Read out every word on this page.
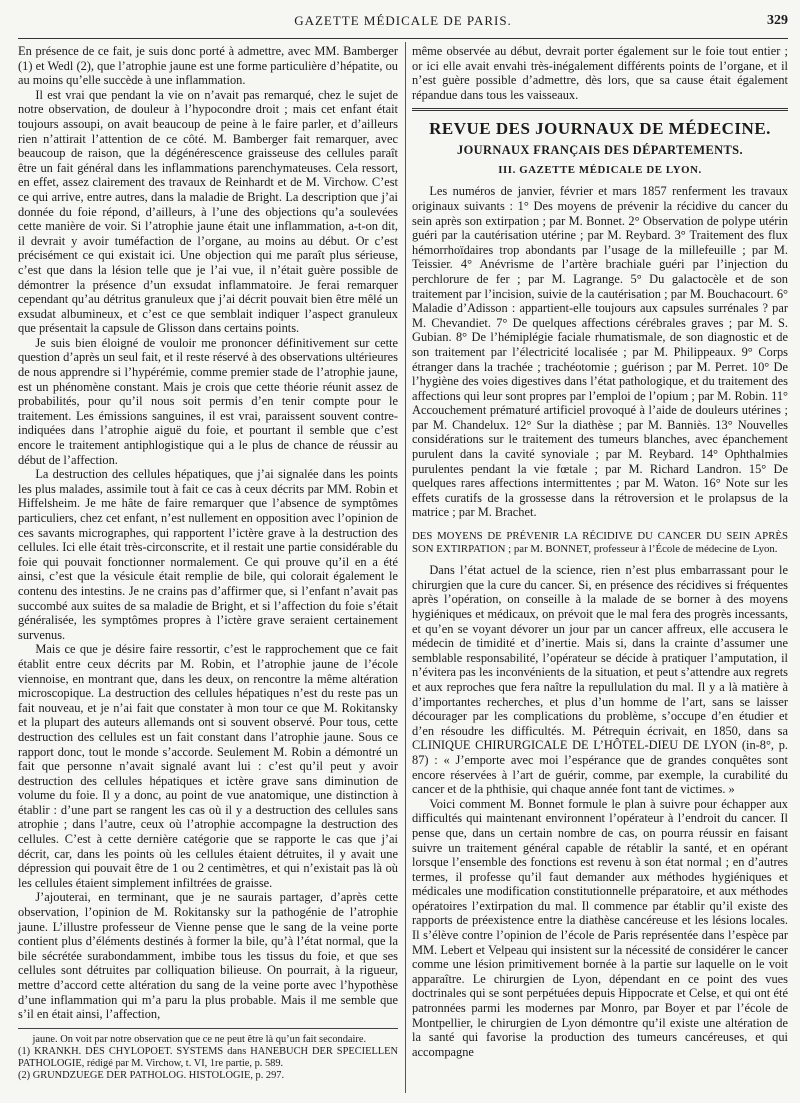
GAZETTE MÉDICALE DE PARIS.	329

En présence de ce fait, je suis donc porté à admettre, avec MM. Bamberger (1) et Wedl (2), que l’atrophie jaune est une forme particulière d’hépatite, ou au moins qu’elle succède à une inflammation.

Il est vrai que pendant la vie on n’avait pas remarqué, chez le sujet de notre observation, de douleur à l’hypocondre droit ; mais cet enfant était toujours assoupi, on avait beaucoup de peine à le faire parler, et d’ailleurs rien n’attirait l’attention de ce côté. M. Bamberger fait remarquer, avec beaucoup de raison, que la dégénérescence graisseuse des cellules paraît être un fait général dans les inflammations parenchymateuses. Cela ressort, en effet, assez clairement des travaux de Reinhardt et de M. Virchow. C’est ce qui arrive, entre autres, dans la maladie de Bright. La description que j’ai donnée du foie répond, d’ailleurs, à l’une des objections qu’a soulevées cette manière de voir. Si l’atrophie jaune était une inflammation, a-t-on dit, il devrait y avoir tuméfaction de l’organe, au moins au début. Or c’est précisément ce qui existait ici. Une objection qui me paraît plus sérieuse, c’est que dans la lésion telle que je l’ai vue, il n’était guère possible de démontrer la présence d’un exsudat inflammatoire. Je ferai remarquer cependant qu’au détritus granuleux que j’ai décrit pouvait bien être mêlé un exsudat albumineux, et c’est ce que semblait indiquer l’aspect granuleux que présentait la capsule de Glisson dans certains points.

Je suis bien éloigné de vouloir me prononcer définitivement sur cette question d’après un seul fait, et il reste réservé à des observations ultérieures de nous apprendre si l’hypérémie, comme premier stade de l’atrophie jaune, est un phénomène constant. Mais je crois que cette théorie réunit assez de probabilités, pour qu’il nous soit permis d’en tenir compte pour le traitement. Les émissions sanguines, il est vrai, paraissent souvent contre-indiquées dans l’atrophie aiguë du foie, et pourtant il semble que c’est encore le traitement antiphlogistique qui a le plus de chance de réussir au début de l’affection.

La destruction des cellules hépatiques, que j’ai signalée dans les points les plus malades, assimile tout à fait ce cas à ceux décrits par MM. Robin et Hiffelsheim. Je me hâte de faire remarquer que l’absence de symptômes particuliers, chez cet enfant, n’est nullement en opposition avec l’opinion de ces savants micrographes, qui rapportent l’ictère grave à la destruction des cellules. Ici elle était très-circonscrite, et il restait une partie considérable du foie qui pouvait fonctionner normalement. Ce qui prouve qu’il en a été ainsi, c’est que la vésicule était remplie de bile, qui colorait également le contenu des intestins. Je ne crains pas d’affirmer que, si l’enfant n’avait pas succombé aux suites de sa maladie de Bright, et si l’affection du foie s’était généralisée, les symptômes propres à l’ictère grave seraient certainement survenus.

Mais ce que je désire faire ressortir, c’est le rapprochement que ce fait établit entre ceux décrits par M. Robin, et l’atrophie jaune de l’école viennoise, en montrant que, dans les deux, on rencontre la même altération microscopique. La destruction des cellules hépatiques n’est du reste pas un fait nouveau, et je n’ai fait que constater à mon tour ce que M. Rokitansky et la plupart des auteurs allemands ont si souvent observé. Pour tous, cette destruction des cellules est un fait constant dans l’atrophie jaune. Sous ce rapport donc, tout le monde s’accorde. Seulement M. Robin a démontré un fait que personne n’avait signalé avant lui : c’est qu’il peut y avoir destruction des cellules hépatiques et ictère grave sans diminution de volume du foie. Il y a donc, au point de vue anatomique, une distinction à établir : d’une part se rangent les cas où il y a destruction des cellules sans atrophie ; dans l’autre, ceux où l’atrophie accompagne la destruction des cellules. C’est à cette dernière catégorie que se rapporte le cas que j’ai décrit, car, dans les points où les cellules étaient détruites, il y avait une dépression qui pouvait être de 1 ou 2 centimètres, et qui n’existait pas là où les cellules étaient simplement infiltrées de graisse.

J’ajouterai, en terminant, que je ne saurais partager, d’après cette observation, l’opinion de M. Rokitansky sur la pathogénie de l’atrophie jaune. L’illustre professeur de Vienne pense que le sang de la veine porte contient plus d’éléments destinés à former la bile, qu’à l’état normal, que la bile sécrétée surabondamment, imbibe tous les tissus du foie, et que ses cellules sont détruites par colliquation bilieuse. On pourrait, à la rigueur, mettre d’accord cette altération du sang de la veine porte avec l’hypothèse d’une inflammation qui m’a paru la plus probable. Mais il me semble que s’il en était ainsi, l’affection,

jaune. On voit par notre observation que ce ne peut être là qu’un fait secondaire.

(1) KRANKH. DES CHYLOPOET. SYSTEMS dans HANEBUCH DER SPECIELLEN PATHOLOGIE, rédigé par M. Virchow, t. VI, 1re partie, p. 589.

(2) GRUNDZUEGE DER PATHOLOG. HISTOLOGIE, p. 297.

même observée au début, devrait porter également sur le foie tout entier ; or ici elle avait envahi très-inégalement différents points de l’organe, et il n’est guère possible d’admettre, dès lors, que sa cause était également répandue dans tous les vaisseaux.

REVUE DES JOURNAUX DE MÉDECINE.
JOURNAUX FRANÇAIS DES DÉPARTEMENTS.
III. GAZETTE MÉDICALE DE LYON.

Les numéros de janvier, février et mars 1857 renferment les travaux originaux suivants : 1° Des moyens de prévenir la récidive du cancer du sein après son extirpation ; par M. Bonnet. 2° Observation de polype utérin guéri par la cautérisation utérine ; par M. Reybard. 3° Traitement des flux hémorrhoïdaires trop abondants par l’usage de la millefeuille ; par M. Teissier. 4° Anévrisme de l’artère brachiale guéri par l’injection du perchlorure de fer ; par M. Lagrange. 5° Du galactocèle et de son traitement par l’incision, suivie de la cautérisation ; par M. Bouchacourt. 6° Maladie d’Adisson : appartient-elle toujours aux capsules surrénales ? par M. Chevandiet. 7° De quelques affections cérébrales graves ; par M. S. Gubian. 8° De l’hémiplégie faciale rhumatismale, de son diagnostic et de son traitement par l’électricité localisée ; par M. Philippeaux. 9° Corps étranger dans la trachée ; trachéotomie ; guérison ; par M. Perret. 10° De l’hygiène des voies digestives dans l’état pathologique, et du traitement des affections qui leur sont propres par l’emploi de l’opium ; par M. Robin. 11° Accouchement prématuré artificiel provoqué à l’aide de douleurs utérines ; par M. Chandelux. 12° Sur la diathèse ; par M. Banniès. 13° Nouvelles considérations sur le traitement des tumeurs blanches, avec épanchement purulent dans la cavité synoviale ; par M. Reybard. 14° Ophthalmies purulentes pendant la vie fœtale ; par M. Richard Landron. 15° De quelques rares affections intermittentes ; par M. Waton. 16° Note sur les effets curatifs de la grossesse dans la rétroversion et le prolapsus de la matrice ; par M. Brachet.

DES MOYENS DE PRÉVENIR LA RÉCIDIVE DU CANCER DU SEIN APRÈS SON EXTIRPATION ; par M. BONNET, professeur à l’École de médecine de Lyon.

Dans l’état actuel de la science, rien n’est plus embarrassant pour le chirurgien que la cure du cancer. Si, en présence des récidives si fréquentes après l’opération, on conseille à la malade de se borner à des moyens hygiéniques et médicaux, on prévoit que le mal fera des progrès incessants, et qu’en se voyant dévorer un jour par un cancer affreux, elle accusera le médecin de timidité et d’inertie. Mais si, dans la crainte d’assumer une semblable responsabilité, l’opérateur se décide à pratiquer l’amputation, il n’évitera pas les inconvénients de la situation, et peut s’attendre aux regrets et aux reproches que fera naître la repullulation du mal. Il y a là matière à d’importantes recherches, et plus d’un homme de l’art, sans se laisser décourager par les complications du problème, s’occupe d’en étudier et d’en résoudre les difficultés. M. Pétrequin écrivait, en 1850, dans sa CLINIQUE CHIRURGICALE DE L’HÔTEL-DIEU DE LYON (in-8°, p. 87) : « J’emporte avec moi l’espérance que de grandes conquêtes sont encore réservées à l’art de guérir, comme, par exemple, la curabilité du cancer et de la phthisie, qui chaque année font tant de victimes. »

Voici comment M. Bonnet formule le plan à suivre pour échapper aux difficultés qui maintenant environnent l’opérateur à l’endroit du cancer. Il pense que, dans un certain nombre de cas, on pourra réussir en faisant suivre un traitement général capable de rétablir la santé, et en opérant lorsque l’ensemble des fonctions est revenu à son état normal ; en d’autres termes, il professe qu’il faut demander aux méthodes hygiéniques et médicales une modification constitutionnelle préparatoire, et aux méthodes opératoires l’extirpation du mal. Il commence par établir qu’il existe des rapports de préexistence entre la diathèse cancéreuse et les lésions locales. Il s’élève contre l’opinion de l’école de Paris représentée dans l’espèce par MM. Lebert et Velpeau qui insistent sur la nécessité de considérer le cancer comme une lésion primitivement bornée à la partie sur laquelle on le voit apparaître. Le chirurgien de Lyon, dépendant en ce point des vues doctrinales qui se sont perpétuées depuis Hippocrate et Celse, et qui ont été patronnées parmi les modernes par Monro, par Boyer et par l’école de Montpellier, le chirurgien de Lyon démontre qu’il existe une altération de la santé qui favorise la production des tumeurs cancéreuses, et qui accompagne
